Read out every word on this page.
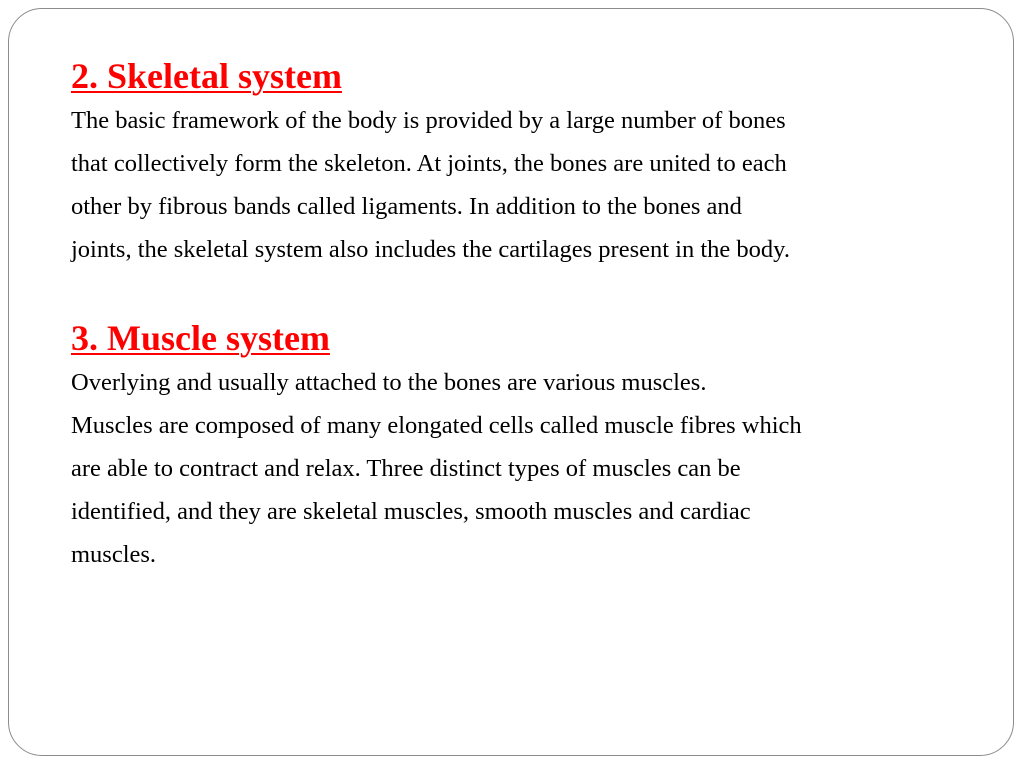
2. Skeletal system

The basic framework of the body is provided by a large number of bones
that collectively form the skeleton. At joints, the bones are united to each
other by fibrous bands called ligaments. In addition to the bones and
joints, the skeletal system also includes the cartilages present in the body.

3. Muscle system

Overlying and usually attached to the bones are various muscles.
Muscles are composed of many elongated cells called muscle fibres which
are able to contract and relax. Three distinct types of muscles can be
identified, and they are skeletal muscles, smooth muscles and cardiac
muscles.
